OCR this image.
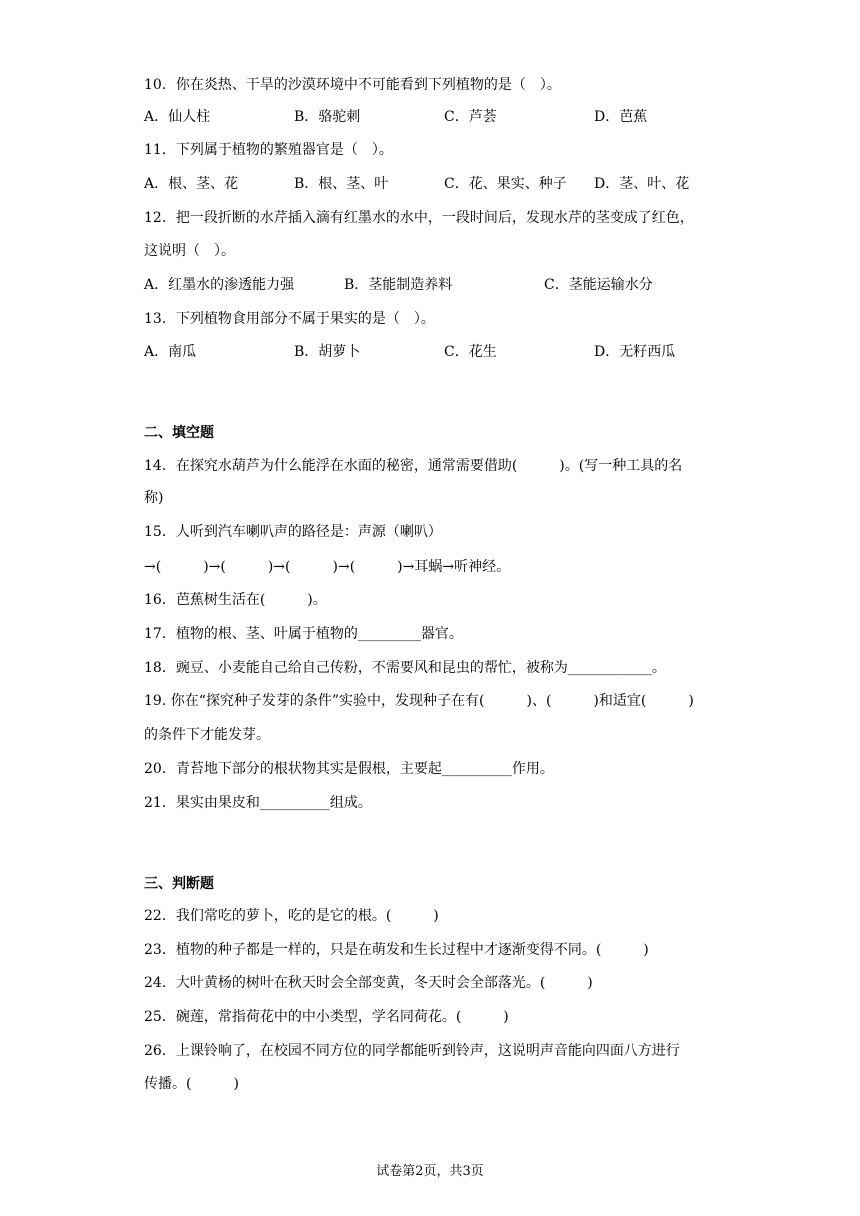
10．你在炎热、干旱的沙漠环境中不可能看到下列植物的是（　）。
A．仙人柱	B．骆驼刺	C．芦荟	D．芭蕉
11．下列属于植物的繁殖器官是（　）。
A．根、茎、花	B．根、茎、叶	C．花、果实、种子 D．茎、叶、花
12．把一段折断的水芹插入滴有红墨水的水中，一段时间后，发现水芹的茎变成了红色，
这说明（　）。
A．红墨水的渗透能力强	B．茎能制造养料	C．茎能运输水分
13．下列植物食用部分不属于果实的是（　）。
A．南瓜	B．胡萝卜	C．花生	D．无籽西瓜
二、填空题
14．在探究水葫芦为什么能浮在水面的秘密，通常需要借助(　　　)。(写一种工具的名
称)
15．人听到汽车喇叭声的路径是：声源（喇叭）
→(　　　)→(　　　)→(　　　)→(　　　)→耳蜗→听神经。
16．芭蕉树生活在(　　　)。
17．植物的根、茎、叶属于植物的_________器官。
18．豌豆、小麦能自己给自己传粉，不需要风和昆虫的帮忙，被称为____________。
19. 你在“探究种子发芽的条件”实验中，发现种子在有(　　　)、(　　　)和适宜(　　　)
的条件下才能发芽。
20．青苔地下部分的根状物其实是假根，主要起__________作用。
21．果实由果皮和__________组成。
三、判断题
22．我们常吃的萝卜，吃的是它的根。(　　　)
23．植物的种子都是一样的，只是在萌发和生长过程中才逐渐变得不同。(　　　)
24．大叶黄杨的树叶在秋天时会全部变黄，冬天时会全部落光。(　　　)
25．碗莲，常指荷花中的中小类型，学名同荷花。(　　　)
26．上课铃响了，在校园不同方位的同学都能听到铃声，这说明声音能向四面八方进行
传播。(　　　)
试卷第2页，共3页
